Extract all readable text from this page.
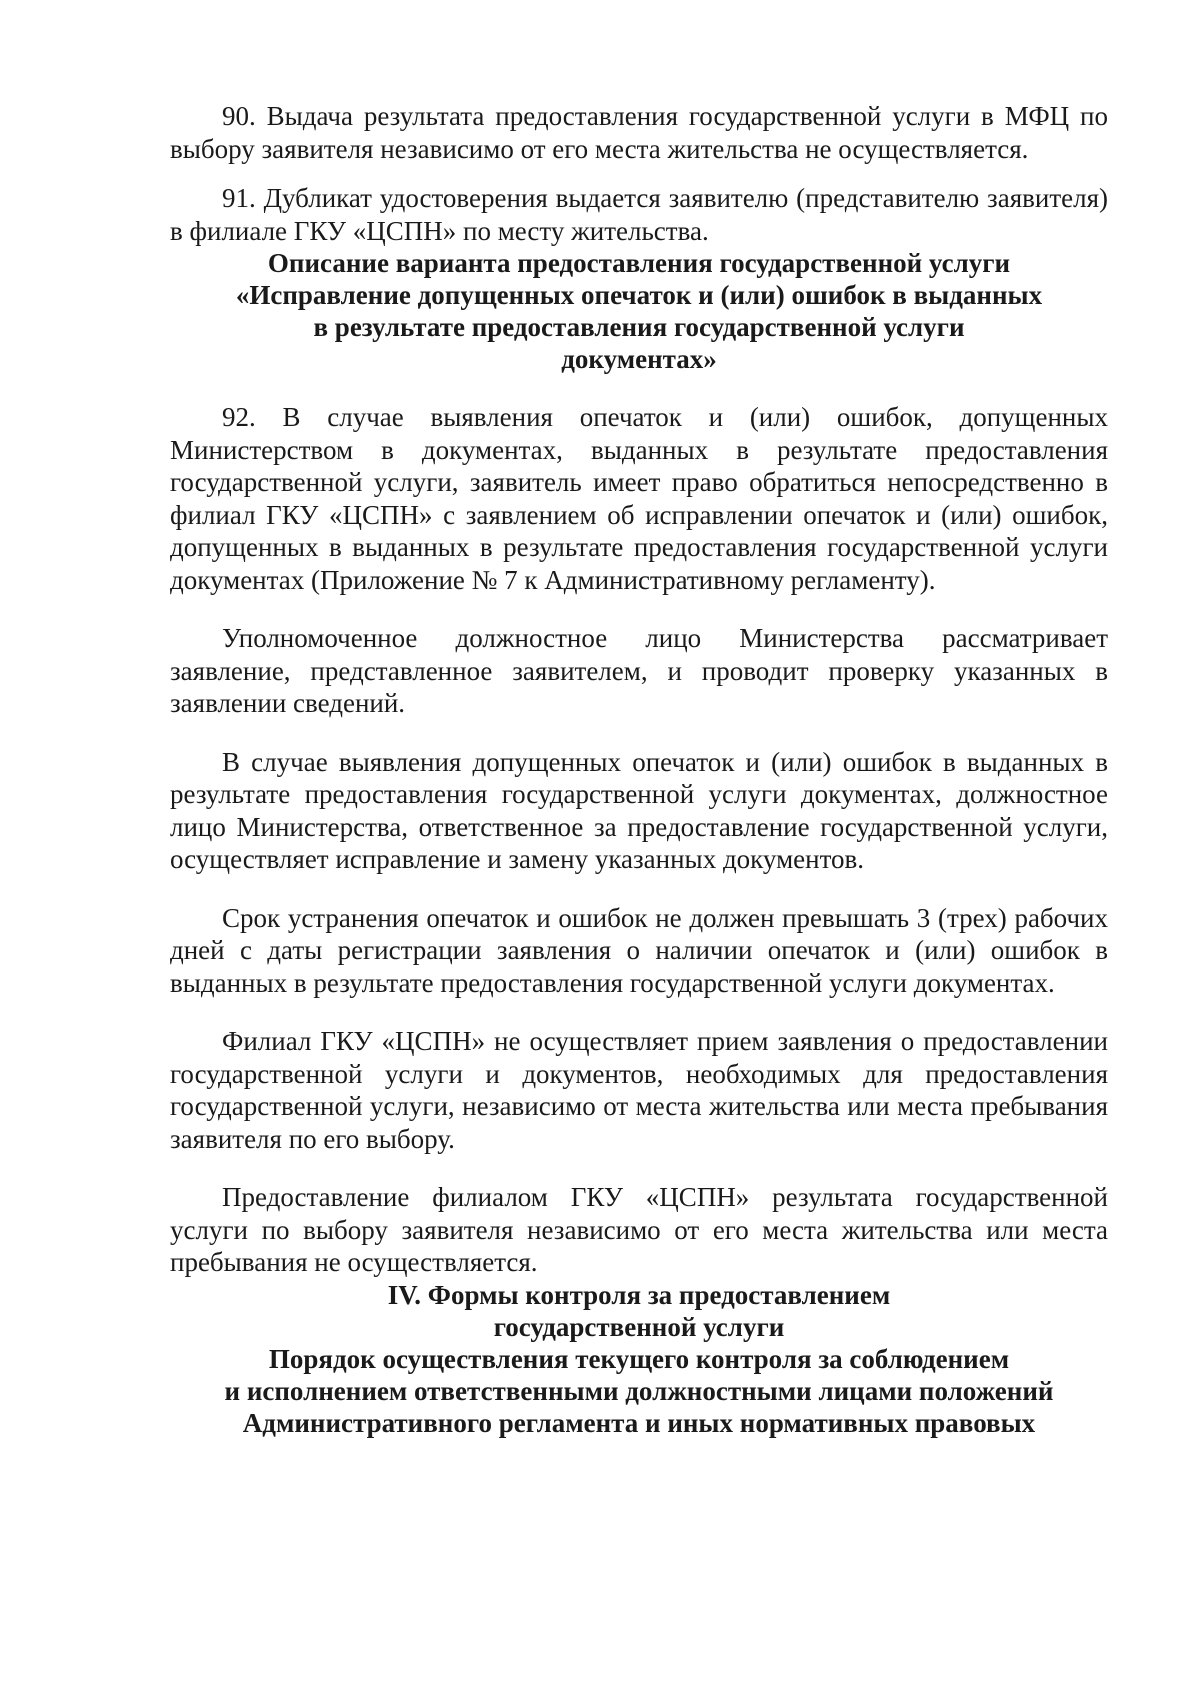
90. Выдача результата предоставления государственной услуги в МФЦ по выбору заявителя независимо от его места жительства не осуществляется.

91. Дубликат удостоверения выдается заявителю (представителю заявителя) в филиале ГКУ «ЦСПН» по месту жительства.

Описание варианта предоставления государственной услуги
«Исправление допущенных опечаток и (или) ошибок в выданных
в результате предоставления государственной услуги
документах»

92. В случае выявления опечаток и (или) ошибок, допущенных Министерством в документах, выданных в результате предоставления государственной услуги, заявитель имеет право обратиться непосредственно в филиал ГКУ «ЦСПН» с заявлением об исправлении опечаток и (или) ошибок, допущенных в выданных в результате предоставления государственной услуги документах (Приложение № 7 к Административному регламенту).

Уполномоченное должностное лицо Министерства рассматривает заявление, представленное заявителем, и проводит проверку указанных в заявлении сведений.

В случае выявления допущенных опечаток и (или) ошибок в выданных в результате предоставления государственной услуги документах, должностное лицо Министерства, ответственное за предоставление государственной услуги, осуществляет исправление и замену указанных документов.

Срок устранения опечаток и ошибок не должен превышать 3 (трех) рабочих дней с даты регистрации заявления о наличии опечаток и (или) ошибок в выданных в результате предоставления государственной услуги документах.

Филиал ГКУ «ЦСПН» не осуществляет прием заявления о предоставлении государственной услуги и документов, необходимых для предоставления государственной услуги, независимо от места жительства или места пребывания заявителя по его выбору.

Предоставление филиалом ГКУ «ЦСПН» результата государственной услуги по выбору заявителя независимо от его места жительства или места пребывания не осуществляется.

IV. Формы контроля за предоставлением
государственной услуги
Порядок осуществления текущего контроля за соблюдением
и исполнением ответственными должностными лицами положений
Административного регламента и иных нормативных правовых
